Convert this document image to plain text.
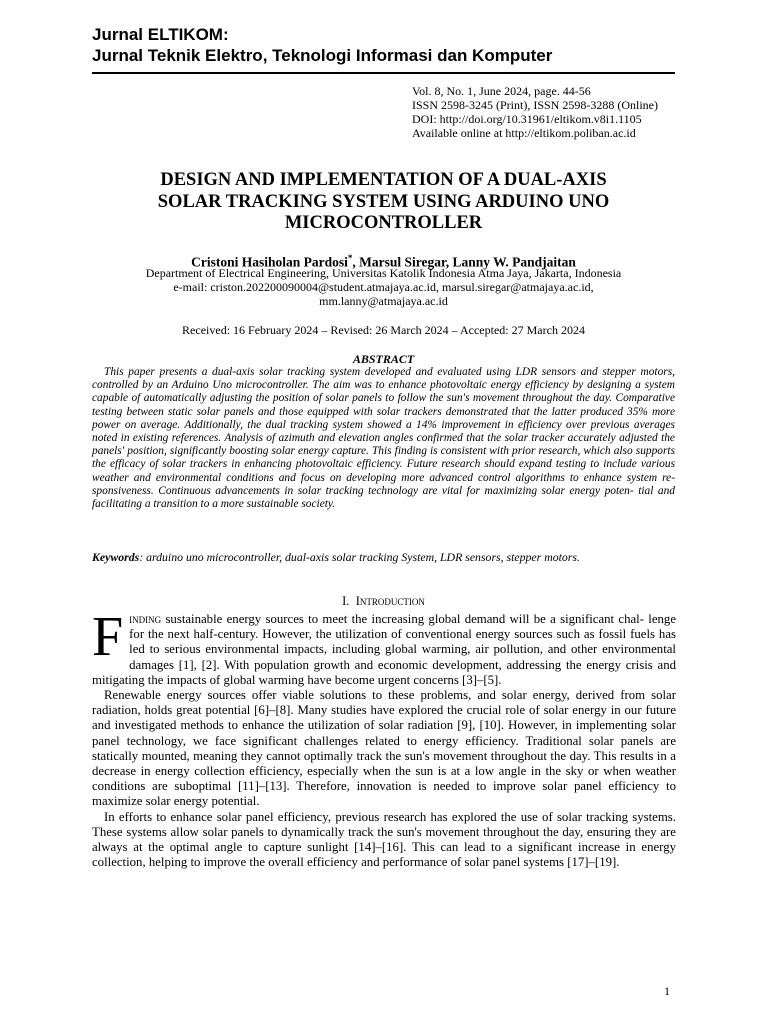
Jurnal ELTIKOM:
Jurnal Teknik Elektro, Teknologi Informasi dan Komputer
Vol. 8, No. 1, June 2024, page. 44-56
ISSN 2598-3245 (Print), ISSN 2598-3288 (Online)
DOI: http://doi.org/10.31961/eltikom.v8i1.1105
Available online at http://eltikom.poliban.ac.id
DESIGN AND IMPLEMENTATION OF A DUAL-AXIS
SOLAR TRACKING SYSTEM USING ARDUINO UNO
MICROCONTROLLER
Cristoni Hasiholan Pardosi*, Marsul Siregar, Lanny W. Pandjaitan
Department of Electrical Engineering, Universitas Katolik Indonesia Atma Jaya, Jakarta, Indonesia
e-mail: criston.202200090004@student.atmajaya.ac.id, marsul.siregar@atmajaya.ac.id,
mm.lanny@atmajaya.ac.id
Received: 16 February 2024 – Revised: 26 March 2024 – Accepted: 27 March 2024
ABSTRACT

This paper presents a dual-axis solar tracking system developed and evaluated using LDR sensors and stepper motors, controlled by an Arduino Uno microcontroller. The aim was to enhance photovoltaic energy efficiency by designing a system capable of automatically adjusting the position of solar panels to follow the sun's movement throughout the day. Comparative testing between static solar panels and those equipped with solar trackers demonstrated that the latter produced 35% more power on average. Additionally, the dual tracking system showed a 14% improvement in efficiency over previous averages noted in existing references. Analysis of azimuth and elevation angles confirmed that the solar tracker accurately adjusted the panels' position, significantly boosting solar energy capture. This finding is consistent with prior research, which also supports the efficacy of solar trackers in enhancing photovoltaic efficiency. Future research should expand testing to include various weather and environmental conditions and focus on developing more advanced control algorithms to enhance system re- sponsiveness. Continuous advancements in solar tracking technology are vital for maximizing solar energy poten- tial and facilitating a transition to a more sustainable society.

Keywords: arduino uno microcontroller, dual-axis solar tracking System, LDR sensors, stepper motors.
I. Introduction

Finding sustainable energy sources to meet the increasing global demand will be a significant chal- lenge for the next half-century. However, the utilization of conventional energy sources such as fossil fuels has led to serious environmental impacts, including global warming, air pollution, and other environmental damages [1], [2]. With population growth and economic development, addressing the energy crisis and mitigating the impacts of global warming have become urgent concerns [3]–[5].

Renewable energy sources offer viable solutions to these problems, and solar energy, derived from solar radiation, holds great potential [6]–[8]. Many studies have explored the crucial role of solar energy in our future and investigated methods to enhance the utilization of solar radiation [9], [10]. However, in implementing solar panel technology, we face significant challenges related to energy efficiency. Traditional solar panels are statically mounted, meaning they cannot optimally track the sun's movement throughout the day. This results in a decrease in energy collection efficiency, especially when the sun is at a low angle in the sky or when weather conditions are suboptimal [11]–[13]. Therefore, innovation is needed to improve solar panel efficiency to maximize solar energy potential.

In efforts to enhance solar panel efficiency, previous research has explored the use of solar tracking systems. These systems allow solar panels to dynamically track the sun's movement throughout the day, ensuring they are always at the optimal angle to capture sunlight [14]–[16]. This can lead to a significant increase in energy collection, helping to improve the overall efficiency and performance of solar panel systems [17]–[19].

1
